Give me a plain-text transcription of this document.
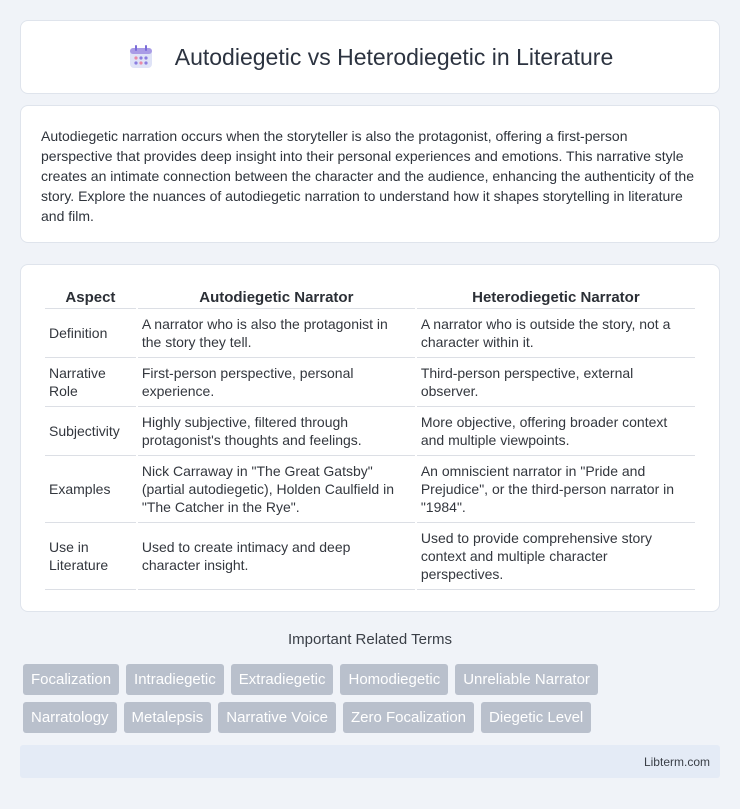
Autodiegetic vs Heterodiegetic in Literature

Autodiegetic narration occurs when the storyteller is also the protagonist, offering a first-person perspective that provides deep insight into their personal experiences and emotions. This narrative style creates an intimate connection between the character and the audience, enhancing the authenticity of the story. Explore the nuances of autodiegetic narration to understand how it shapes storytelling in literature and film.

Aspect	Autodiegetic Narrator	Heterodiegetic Narrator
Definition	A narrator who is also the protagonist in the story they tell.	A narrator who is outside the story, not a character within it.
Narrative Role	First-person perspective, personal experience.	Third-person perspective, external observer.
Subjectivity	Highly subjective, filtered through protagonist's thoughts and feelings.	More objective, offering broader context and multiple viewpoints.
Examples	Nick Carraway in "The Great Gatsby" (partial autodiegetic), Holden Caulfield in "The Catcher in the Rye".	An omniscient narrator in "Pride and Prejudice", or the third-person narrator in "1984".
Use in Literature	Used to create intimacy and deep character insight.	Used to provide comprehensive story context and multiple character perspectives.
Important Related Terms
Focalization	Intradiegetic	Extradiegetic	Homodiegetic	Unreliable Narrator
Narratology	Metalepsis	Narrative Voice	Zero Focalization	Diegetic Level
Libterm.com
